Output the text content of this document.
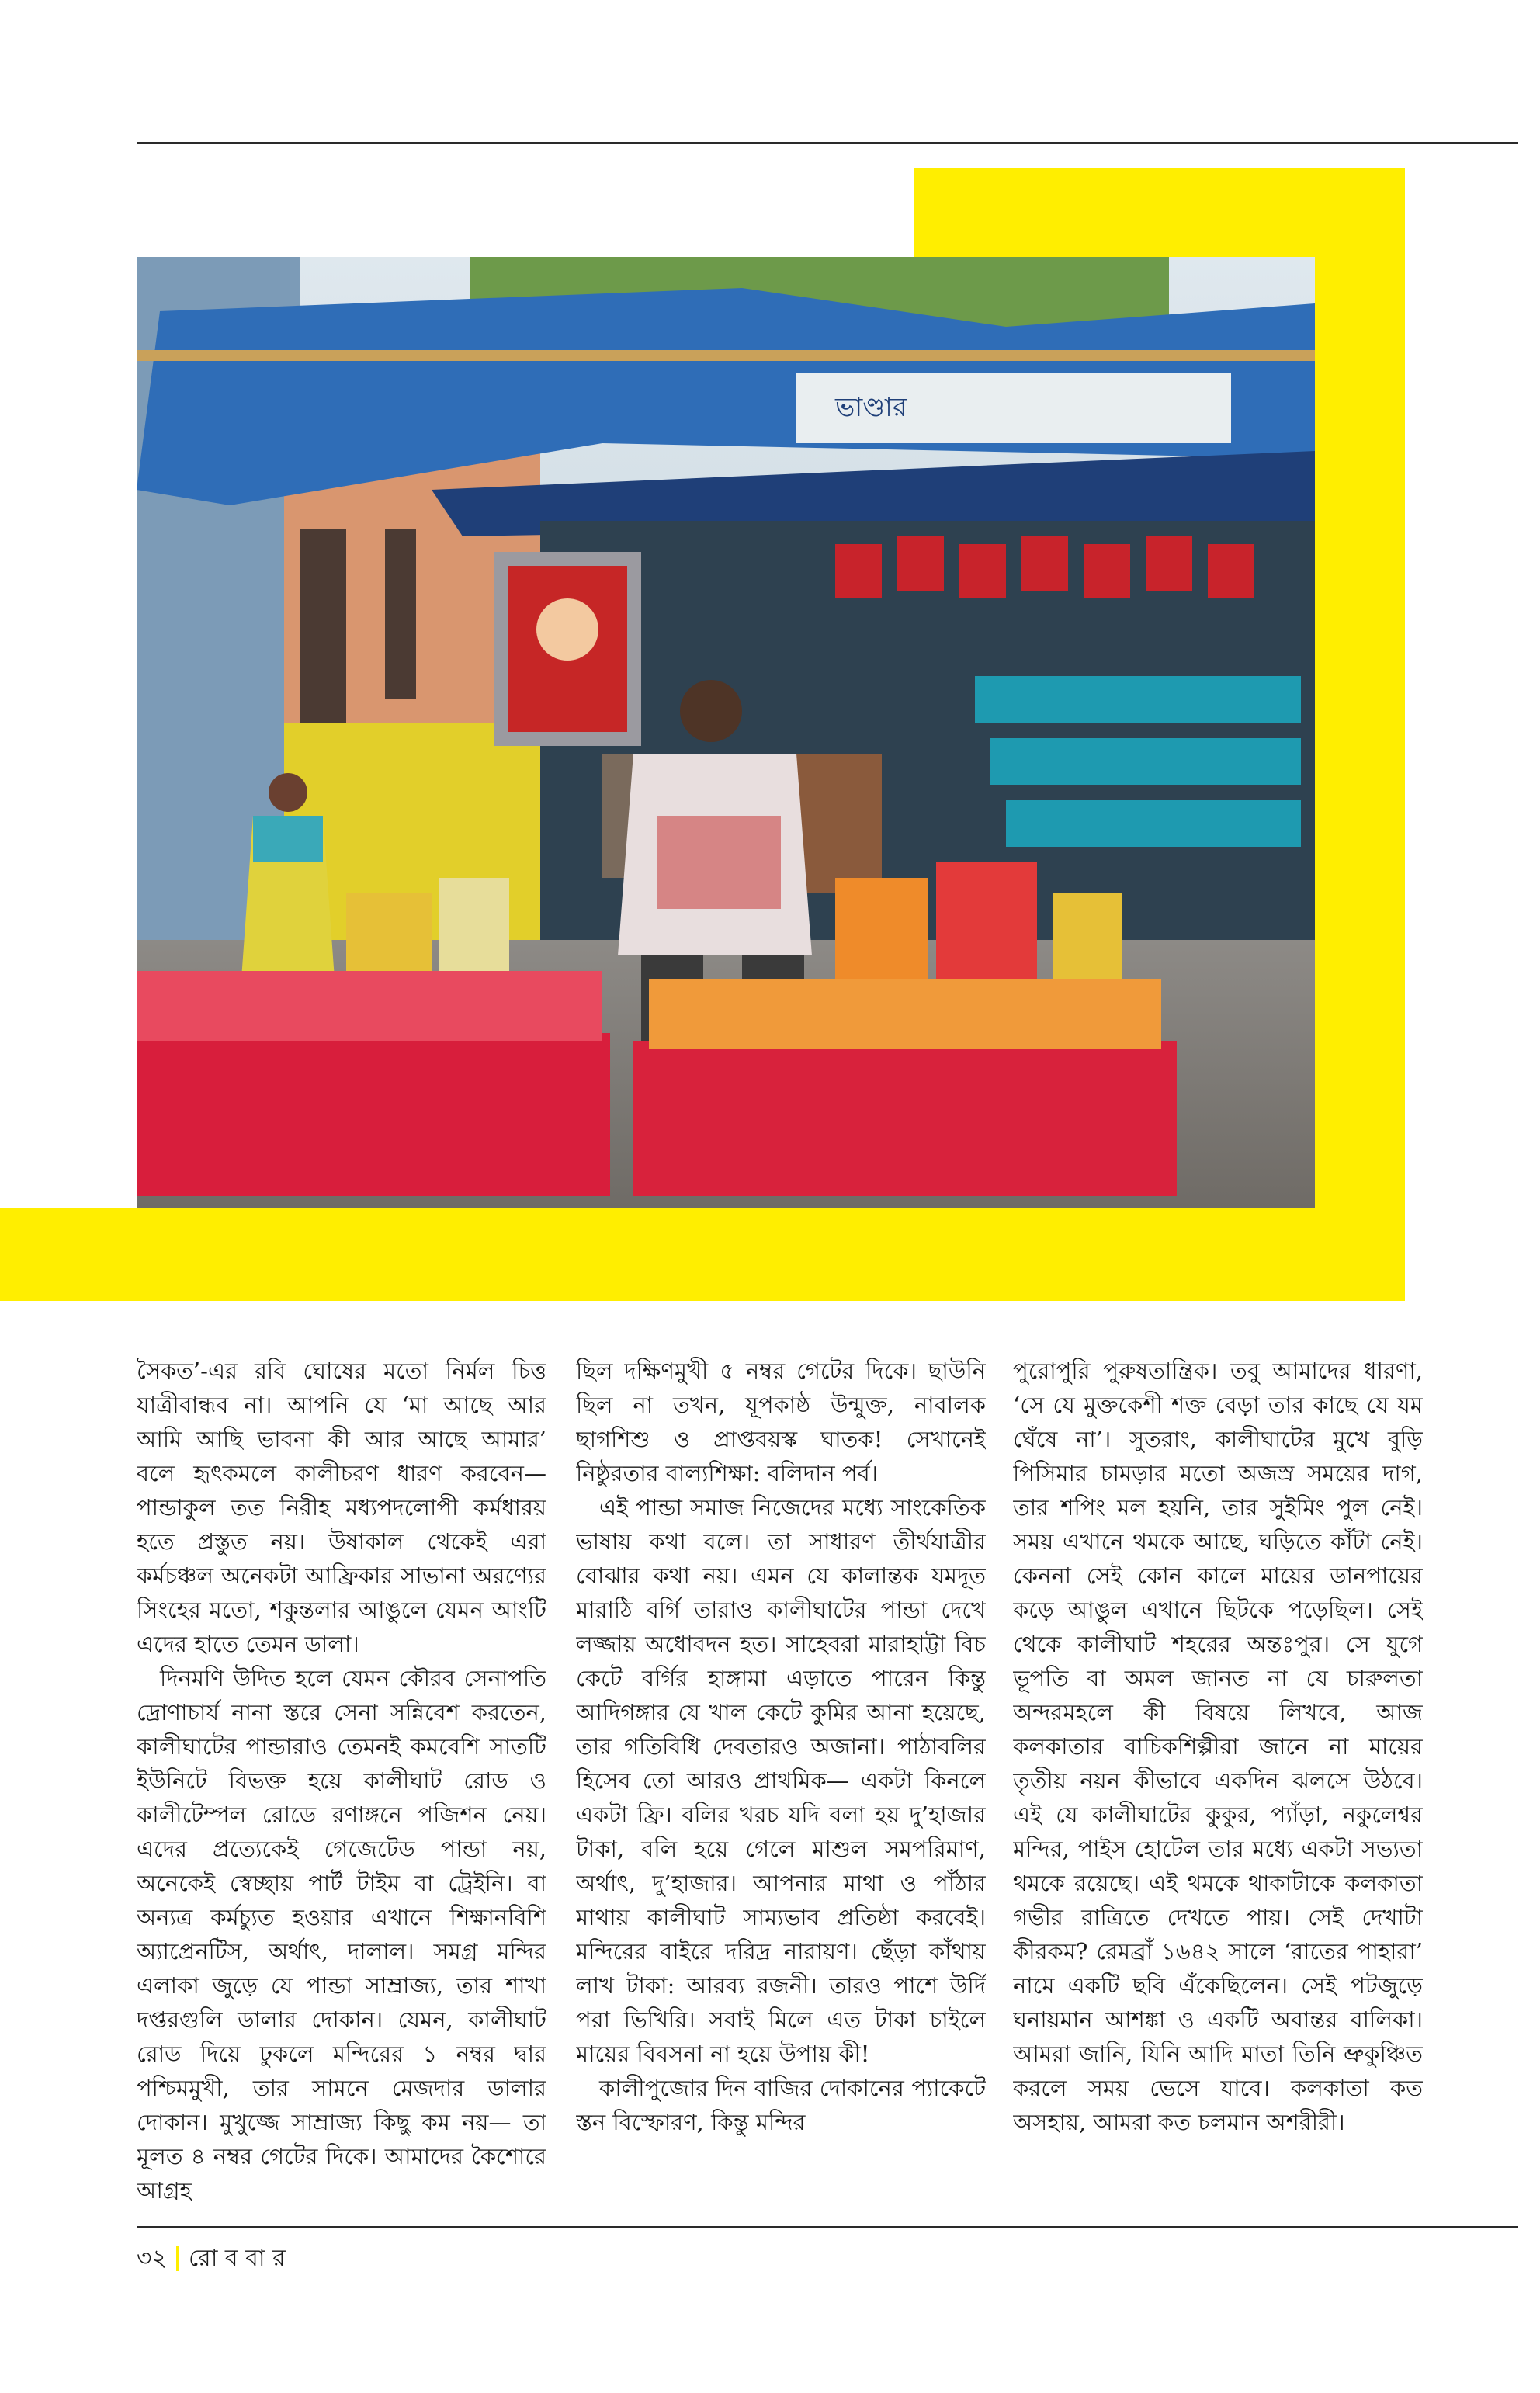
ভাণ্ডার

সৈকত’-এর রবি ঘোষের মতো নির্মল চিত্ত যাত্রীবান্ধব না। আপনি যে ‘মা আছে আর আমি আছি ভাবনা কী আর আছে আমার’ বলে হৃৎকমলে কালীচরণ ধারণ করবেন— পান্ডাকুল তত নিরীহ মধ্যপদলোপী কর্মধারয় হতে প্রস্তুত নয়। উষাকাল থেকেই এরা কর্মচঞ্চল অনেকটা আফ্রিকার সাভানা অরণ্যের সিংহের মতো, শকুন্তলার আঙুলে যেমন আংটি এদের হাতে তেমন ডালা।

দিনমণি উদিত হলে যেমন কৌরব সেনাপতি দ্রোণাচার্য নানা স্তরে সেনা সন্নিবেশ করতেন, কালীঘাটের পান্ডারাও তেমনই কমবেশি সাতটি ইউনিটে বিভক্ত হয়ে কালীঘাট রোড ও কালীটেম্পল রোডে রণাঙ্গনে পজিশন নেয়। এদের প্রত্যেকেই গেজেটেড পান্ডা নয়, অনেকেই স্বেচ্ছায় পার্ট টাইম বা ট্রেইনি। বা অন্যত্র কর্মচ্যুত হওয়ার এখানে শিক্ষানবিশি অ্যাপ্রেনটিস, অর্থাৎ, দালাল। সমগ্র মন্দির এলাকা জুড়ে যে পান্ডা সাম্রাজ্য, তার শাখা দপ্তরগুলি ডালার দোকান। যেমন, কালীঘাট রোড দিয়ে ঢুকলে মন্দিরের ১ নম্বর দ্বার পশ্চিমমুখী, তার সামনে মেজদার ডালার দোকান। মুখুজ্জে সাম্রাজ্য কিছু কম নয়— তা মূলত ৪ নম্বর গেটের দিকে। আমাদের কৈশোরে আগ্রহ

ছিল দক্ষিণমুখী ৫ নম্বর গেটের দিকে। ছাউনি ছিল না তখন, যূপকাষ্ঠ উন্মুক্ত, নাবালক ছাগশিশু ও প্রাপ্তবয়স্ক ঘাতক! সেখানেই নিষ্ঠুরতার বাল্যশিক্ষা: বলিদান পর্ব।

এই পান্ডা সমাজ নিজেদের মধ্যে সাংকেতিক ভাষায় কথা বলে। তা সাধারণ তীর্থযাত্রীর বোঝার কথা নয়। এমন যে কালান্তক যমদূত মারাঠি বর্গি তারাও কালীঘাটের পান্ডা দেখে লজ্জায় অধোবদন হত। সাহেবরা মারাহাট্টা বিচ কেটে বর্গির হাঙ্গামা এড়াতে পারেন কিন্তু আদিগঙ্গার যে খাল কেটে কুমির আনা হয়েছে, তার গতিবিধি দেবতারও অজানা। পাঠাবলির হিসেব তো আরও প্রাথমিক— একটা কিনলে একটা ফ্রি। বলির খরচ যদি বলা হয় দু’হাজার টাকা, বলি হয়ে গেলে মাশুল সমপরিমাণ, অর্থাৎ, দু’হাজার। আপনার মাথা ও পাঁঠার মাথায় কালীঘাট সাম্যভাব প্রতিষ্ঠা করবেই। মন্দিরের বাইরে দরিদ্র নারায়ণ। ছেঁড়া কাঁথায় লাখ টাকা: আরব্য রজনী। তারও পাশে উর্দি পরা ভিখিরি। সবাই মিলে এত টাকা চাইলে মায়ের বিবসনা না হয়ে উপায় কী!

কালীপুজোর দিন বাজির দোকানের প্যাকেটে স্তন বিস্ফোরণ, কিন্তু মন্দির

পুরোপুরি পুরুষতান্ত্রিক। তবু আমাদের ধারণা, ‘সে যে মুক্তকেশী শক্ত বেড়া তার কাছে যে যম ঘেঁষে না’। সুতরাং, কালীঘাটের মুখে বুড়ি পিসিমার চামড়ার মতো অজস্র সময়ের দাগ, তার শপিং মল হয়নি, তার সুইমিং পুল নেই। সময় এখানে থমকে আছে, ঘড়িতে কাঁটা নেই। কেননা সেই কোন কালে মায়ের ডানপায়ের কড়ে আঙুল এখানে ছিটকে পড়েছিল। সেই থেকে কালীঘাট শহরের অন্তঃপুর। সে যুগে ভূপতি বা অমল জানত না যে চারুলতা অন্দরমহলে কী বিষয়ে লিখবে, আজ কলকাতার বাচিকশিল্পীরা জানে না মায়ের তৃতীয় নয়ন কীভাবে একদিন ঝলসে উঠবে। এই যে কালীঘাটের কুকুর, প্যাঁড়া, নকুলেশ্বর মন্দির, পাইস হোটেল তার মধ্যে একটা সভ্যতা থমকে রয়েছে। এই থমকে থাকাটাকে কলকাতা গভীর রাত্রিতে দেখতে পায়। সেই দেখাটা কীরকম? রেমব্রাঁ ১৬৪২ সালে ‘রাতের পাহারা’ নামে একটি ছবি এঁকেছিলেন। সেই পটজুড়ে ঘনায়মান আশঙ্কা ও একটি অবান্তর বালিকা। আমরা জানি, যিনি আদি মাতা তিনি ভ্রুকুঞ্চিত করলে সময় ভেসে যাবে। কলকাতা কত অসহায়, আমরা কত চলমান অশরীরী।

৩২ রো ব বা র
